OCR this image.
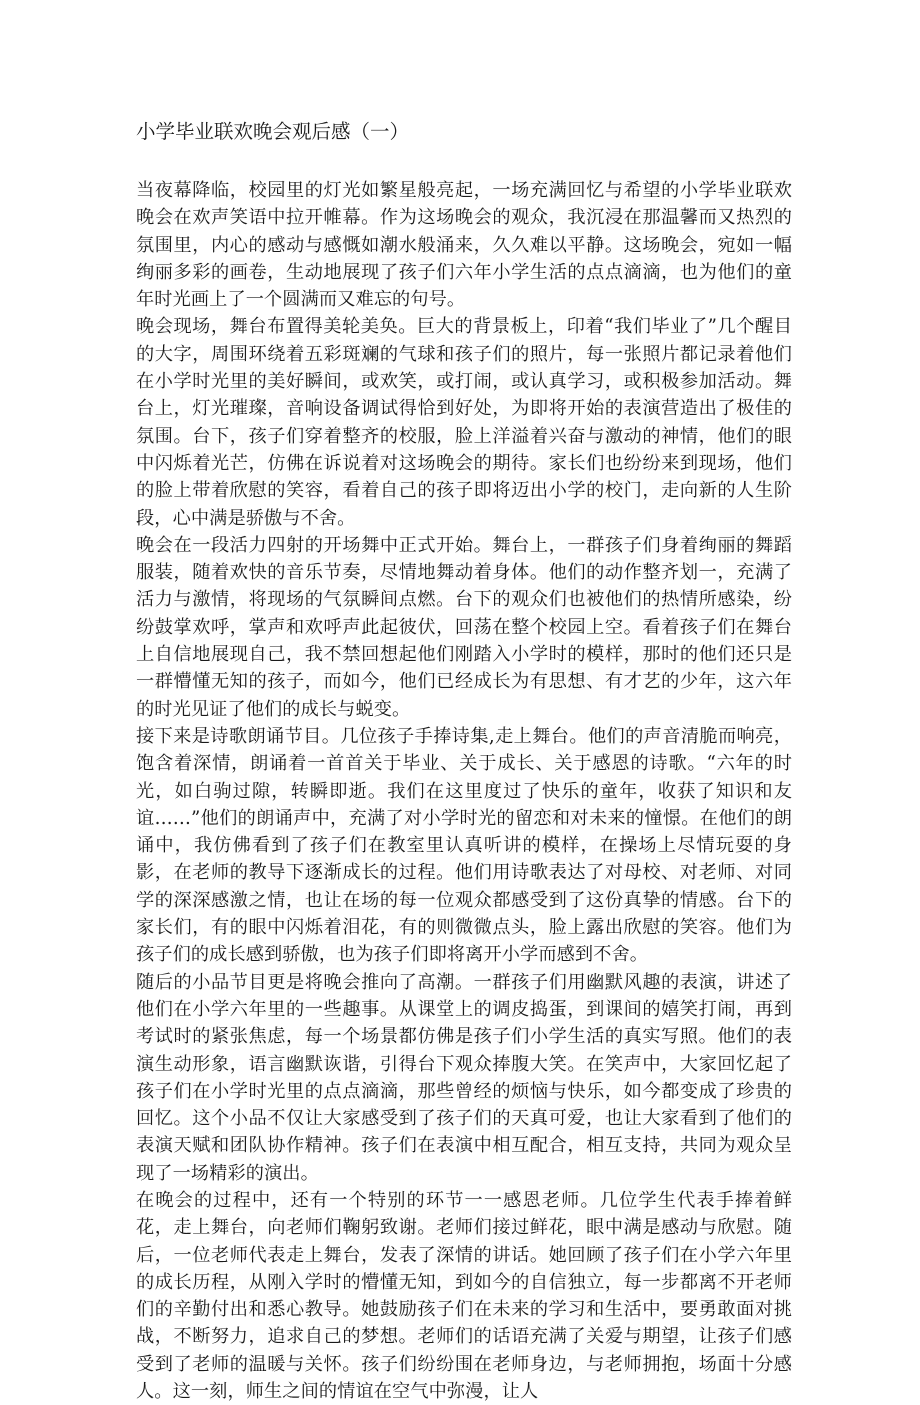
小学毕业联欢晚会观后感（一）

当夜幕降临，校园里的灯光如繁星般亮起，一场充满回忆与希望的小学毕业联欢晚会在欢声笑语中拉开帷幕。作为这场晚会的观众，我沉浸在那温馨而又热烈的氛围里，内心的感动与感慨如潮水般涌来，久久难以平静。这场晚会，宛如一幅绚丽多彩的画卷，生动地展现了孩子们六年小学生活的点点滴滴，也为他们的童年时光画上了一个圆满而又难忘的句号。

晚会现场，舞台布置得美轮美奂。巨大的背景板上，印着“我们毕业了”几个醒目的大字，周围环绕着五彩斑斓的气球和孩子们的照片，每一张照片都记录着他们在小学时光里的美好瞬间，或欢笑，或打闹，或认真学习，或积极参加活动。舞台上，灯光璀璨，音响设备调试得恰到好处，为即将开始的表演营造出了极佳的氛围。台下，孩子们穿着整齐的校服，脸上洋溢着兴奋与激动的神情，他们的眼中闪烁着光芒，仿佛在诉说着对这场晚会的期待。家长们也纷纷来到现场，他们的脸上带着欣慰的笑容，看着自己的孩子即将迈出小学的校门，走向新的人生阶段，心中满是骄傲与不舍。

晚会在一段活力四射的开场舞中正式开始。舞台上，一群孩子们身着绚丽的舞蹈服装，随着欢快的音乐节奏，尽情地舞动着身体。他们的动作整齐划一，充满了活力与激情，将现场的气氛瞬间点燃。台下的观众们也被他们的热情所感染，纷纷鼓掌欢呼，掌声和欢呼声此起彼伏，回荡在整个校园上空。看着孩子们在舞台上自信地展现自己，我不禁回想起他们刚踏入小学时的模样，那时的他们还只是一群懵懂无知的孩子，而如今，他们已经成长为有思想、有才艺的少年，这六年的时光见证了他们的成长与蜕变。

接下来是诗歌朗诵节目。几位孩子手捧诗集,走上舞台。他们的声音清脆而响亮，饱含着深情，朗诵着一首首关于毕业、关于成长、关于感恩的诗歌。“六年的时光，如白驹过隙，转瞬即逝。我们在这里度过了快乐的童年，收获了知识和友谊……”他们的朗诵声中，充满了对小学时光的留恋和对未来的憧憬。在他们的朗诵中，我仿佛看到了孩子们在教室里认真听讲的模样，在操场上尽情玩耍的身影，在老师的教导下逐渐成长的过程。他们用诗歌表达了对母校、对老师、对同学的深深感激之情，也让在场的每一位观众都感受到了这份真挚的情感。台下的家长们，有的眼中闪烁着泪花，有的则微微点头，脸上露出欣慰的笑容。他们为孩子们的成长感到骄傲，也为孩子们即将离开小学而感到不舍。

随后的小品节目更是将晚会推向了高潮。一群孩子们用幽默风趣的表演，讲述了他们在小学六年里的一些趣事。从课堂上的调皮捣蛋，到课间的嬉笑打闹，再到考试时的紧张焦虑，每一个场景都仿佛是孩子们小学生活的真实写照。他们的表演生动形象，语言幽默诙谐，引得台下观众捧腹大笑。在笑声中，大家回忆起了孩子们在小学时光里的点点滴滴，那些曾经的烦恼与快乐，如今都变成了珍贵的回忆。这个小品不仅让大家感受到了孩子们的天真可爱，也让大家看到了他们的表演天赋和团队协作精神。孩子们在表演中相互配合，相互支持，共同为观众呈现了一场精彩的演出。

在晚会的过程中，还有一个特别的环节一一感恩老师。几位学生代表手捧着鲜花，走上舞台，向老师们鞠躬致谢。老师们接过鲜花，眼中满是感动与欣慰。随后，一位老师代表走上舞台，发表了深情的讲话。她回顾了孩子们在小学六年里的成长历程，从刚入学时的懵懂无知，到如今的自信独立，每一步都离不开老师们的辛勤付出和悉心教导。她鼓励孩子们在未来的学习和生活中，要勇敢面对挑战，不断努力，追求自己的梦想。老师们的话语充满了关爱与期望，让孩子们感受到了老师的温暖与关怀。孩子们纷纷围在老师身边，与老师拥抱，场面十分感人。这一刻，师生之间的情谊在空气中弥漫，让人
